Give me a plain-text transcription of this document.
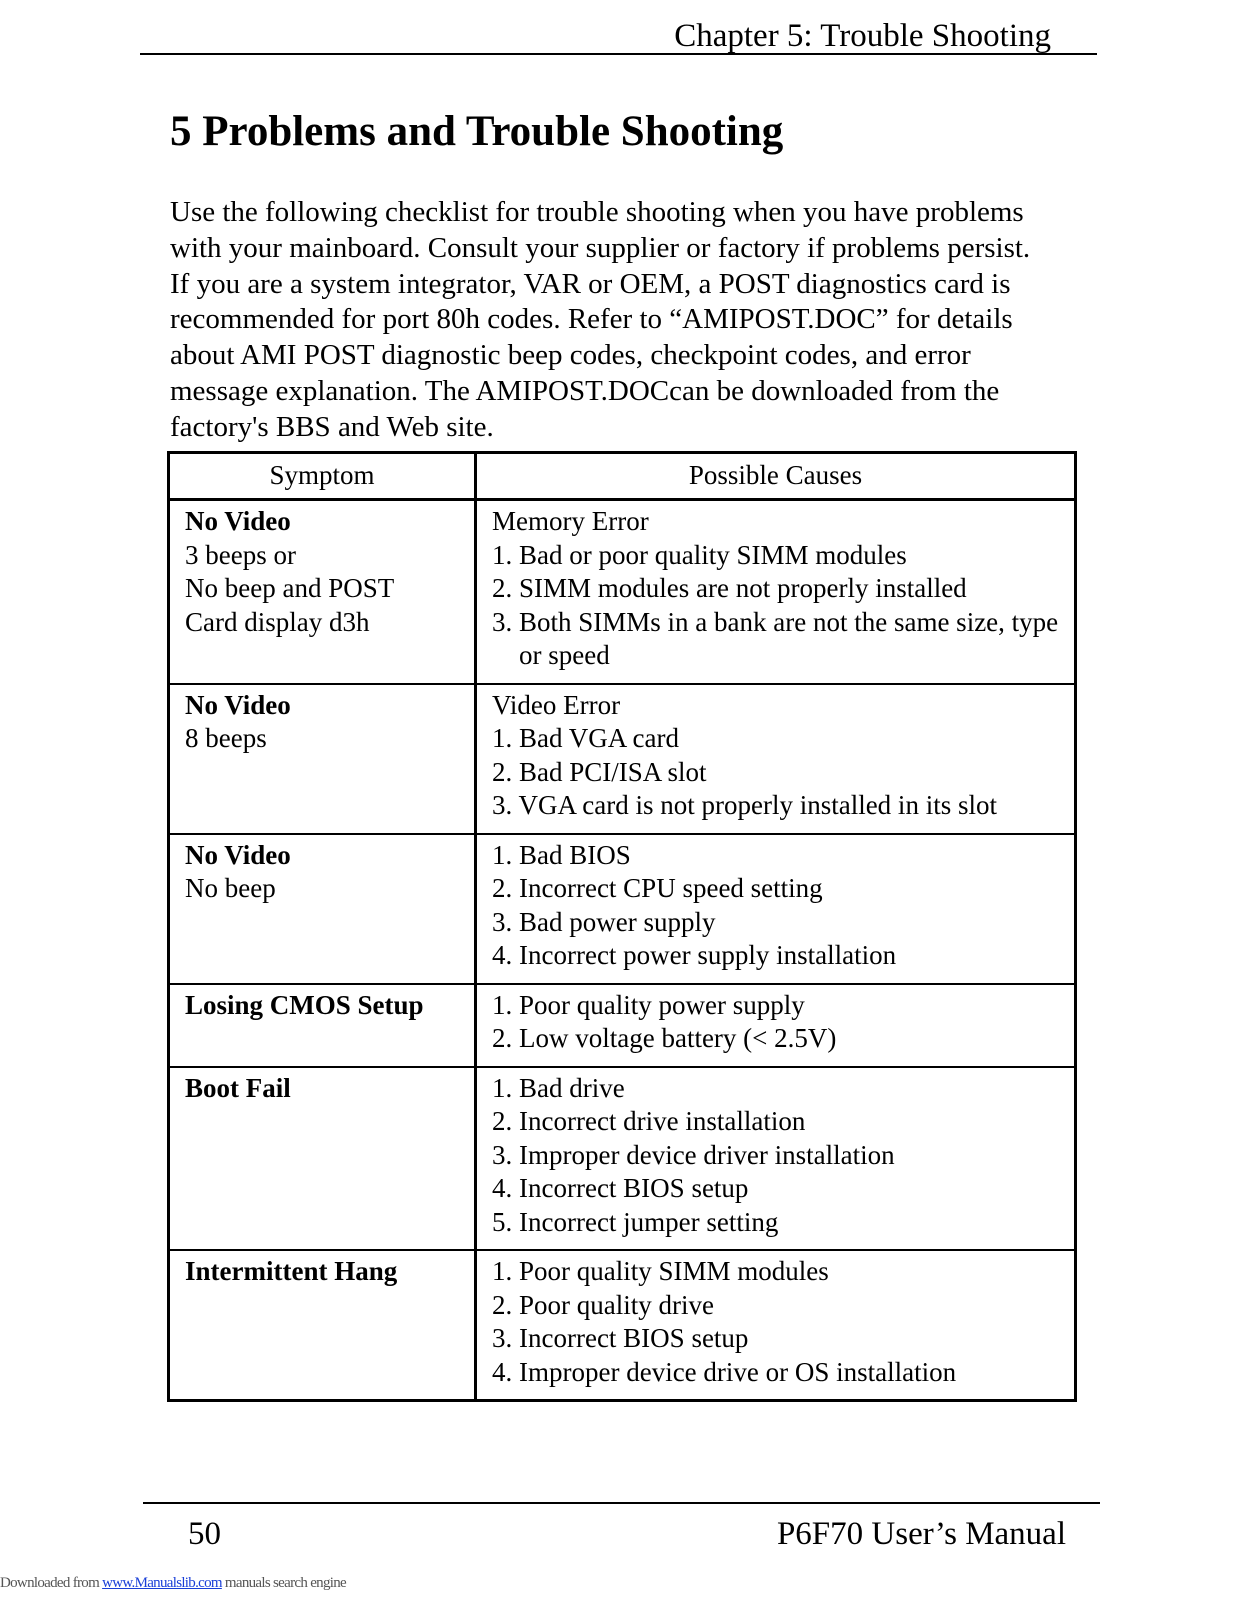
Chapter 5: Trouble Shooting
5 Problems and Trouble Shooting
Use the following checklist for trouble shooting when you have problems
with your mainboard. Consult your supplier or factory if problems persist.
If you are a system integrator, VAR or OEM, a POST diagnostics card is
recommended for port 80h codes. Refer to “AMIPOST.DOC” for details
about AMI POST diagnostic beep codes, checkpoint codes, and error
message explanation. The AMIPOST.DOCcan be downloaded from the
factory's BBS and Web site.
Symptom	Possible Causes

No Video
3 beeps or
No beep and POST
Card display d3h	Memory Error
1. Bad or poor quality SIMM modules
2. SIMM modules are not properly installed
3. Both SIMMs in a bank are not the same size, type or speed

No Video
8 beeps	Video Error
1. Bad VGA card
2. Bad PCI/ISA slot
3. VGA card is not properly installed in its slot

No Video
No beep	1. Bad BIOS
2. Incorrect CPU speed setting
3. Bad power supply
4. Incorrect power supply installation

Losing CMOS Setup	1. Poor quality power supply
2. Low voltage battery (< 2.5V)

Boot Fail	1. Bad drive
2. Incorrect drive installation
3. Improper device driver installation
4. Incorrect BIOS setup
5. Incorrect jumper setting

Intermittent Hang	1. Poor quality SIMM modules
2. Poor quality drive
3. Incorrect BIOS setup
4. Improper device drive or OS installation
50	P6F70 User’s Manual
Downloaded from www.Manualslib.com manuals search engine
